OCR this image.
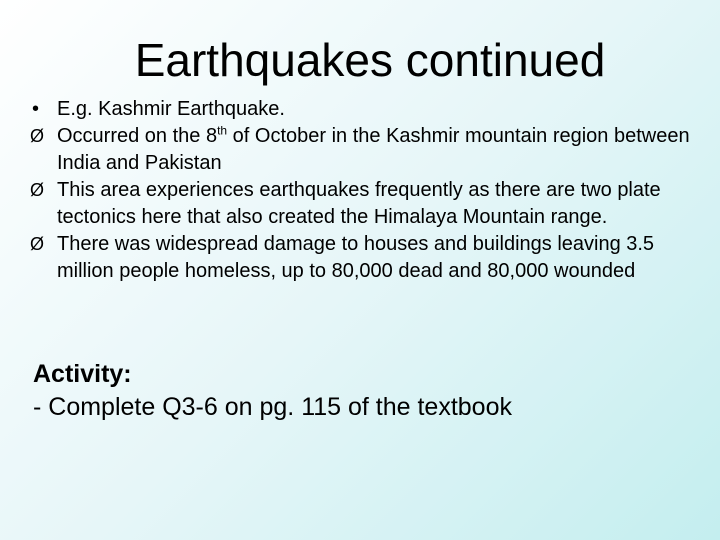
Earthquakes continued
• E.g. Kashmir Earthquake.
Ø Occurred on the 8th of October in the Kashmir mountain region between India and Pakistan
Ø This area experiences earthquakes frequently as there are two plate tectonics here that also created the Himalaya Mountain range.
Ø There was widespread damage to houses and buildings leaving 3.5 million people homeless, up to 80,000 dead and 80,000 wounded

Activity:

- Complete Q3-6 on pg. 115 of the textbook
